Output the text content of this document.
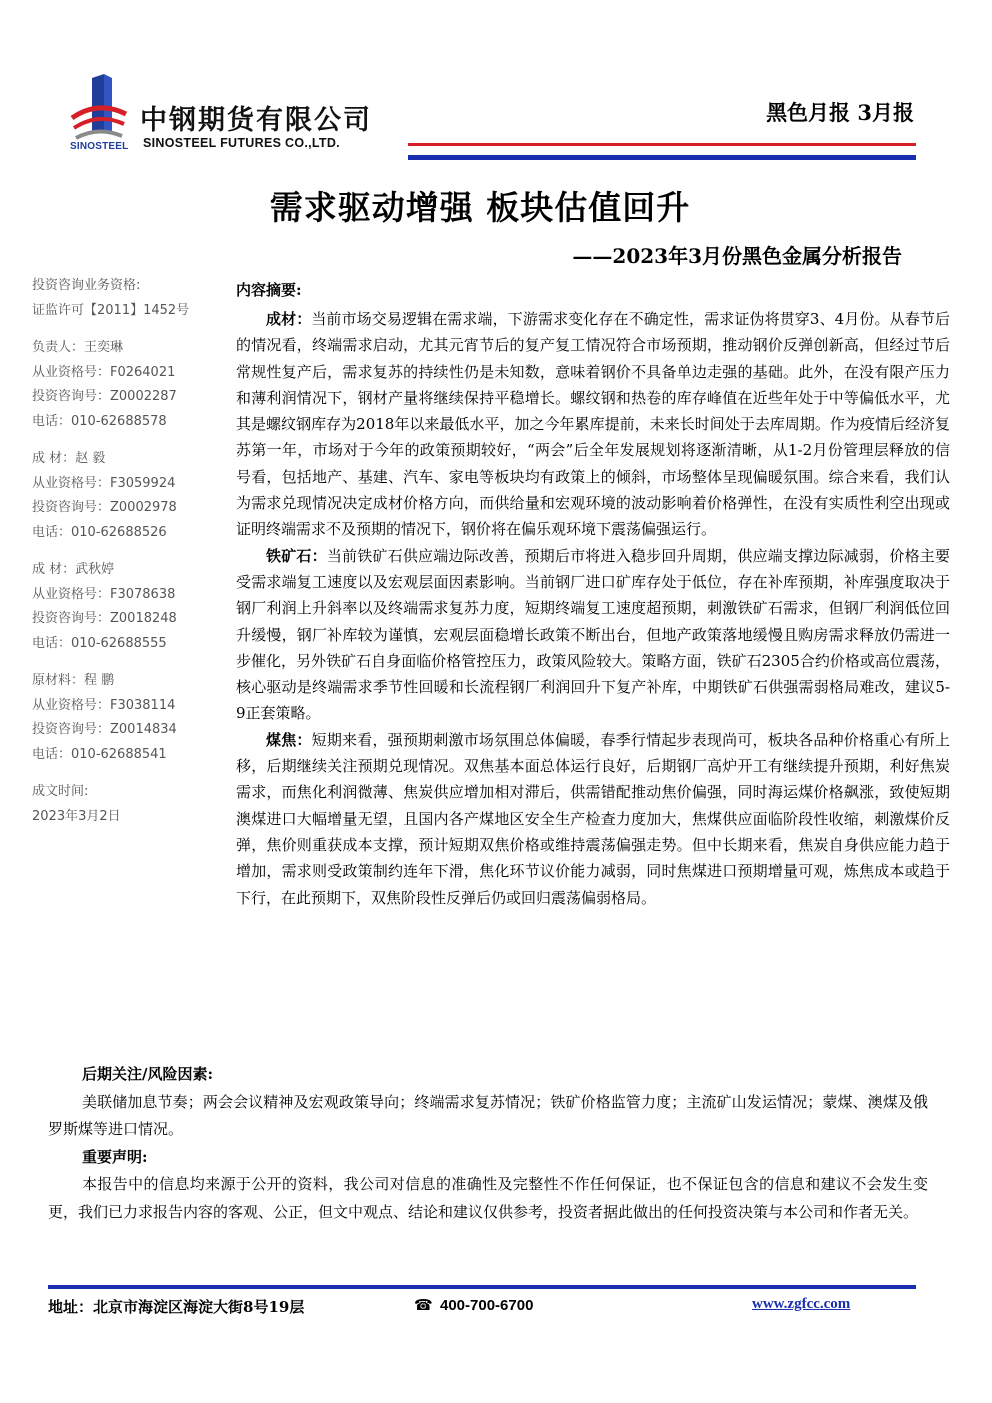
SINOSTEEL
中钢期货有限公司
SINOSTEEL FUTURES CO.,LTD.
黑色月报 3月报
需求驱动增强 板块估值回升
——2023年3月份黑色金属分析报告
投资咨询业务资格:
证监许可【2011】1452号
负责人：王奕琳
从业资格号：F0264021
投资咨询号：Z0002287
电话：010-62688578
成 材：赵 毅
从业资格号：F3059924
投资咨询号：Z0002978
电话：010-62688526
成 材：武秋婷
从业资格号：F3078638
投资咨询号：Z0018248
电话：010-62688555
原材料：程 鹏
从业资格号：F3038114
投资咨询号：Z0014834
电话：010-62688541
成文时间:
2023年3月2日
内容摘要:

成材：当前市场交易逻辑在需求端，下游需求变化存在不确定性，需求证伪将贯穿3、4月份。从春节后的情况看，终端需求启动，尤其元宵节后的复产复工情况符合市场预期，推动钢价反弹创新高，但经过节后常规性复产后，需求复苏的持续性仍是未知数，意味着钢价不具备单边走强的基础。此外，在没有限产压力和薄利润情况下，钢材产量将继续保持平稳增长。螺纹钢和热卷的库存峰值在近些年处于中等偏低水平，尤其是螺纹钢库存为2018年以来最低水平，加之今年累库提前，未来长时间处于去库周期。作为疫情后经济复苏第一年，市场对于今年的政策预期较好，“两会”后全年发展规划将逐渐清晰，从1-2月份管理层释放的信号看，包括地产、基建、汽车、家电等板块均有政策上的倾斜，市场整体呈现偏暖氛围。综合来看，我们认为需求兑现情况决定成材价格方向，而供给量和宏观环境的波动影响着价格弹性，在没有实质性利空出现或证明终端需求不及预期的情况下，钢价将在偏乐观环境下震荡偏强运行。

铁矿石：当前铁矿石供应端边际改善，预期后市将进入稳步回升周期，供应端支撑边际减弱，价格主要受需求端复工速度以及宏观层面因素影响。当前钢厂进口矿库存处于低位，存在补库预期，补库强度取决于钢厂利润上升斜率以及终端需求复苏力度，短期终端复工速度超预期，刺激铁矿石需求，但钢厂利润低位回升缓慢，钢厂补库较为谨慎，宏观层面稳增长政策不断出台，但地产政策落地缓慢且购房需求释放仍需进一步催化，另外铁矿石自身面临价格管控压力，政策风险较大。策略方面，铁矿石2305合约价格或高位震荡，核心驱动是终端需求季节性回暖和长流程钢厂利润回升下复产补库，中期铁矿石供强需弱格局难改，建议5-9正套策略。

煤焦：短期来看，强预期刺激市场氛围总体偏暖，春季行情起步表现尚可，板块各品种价格重心有所上移，后期继续关注预期兑现情况。双焦基本面总体运行良好，后期钢厂高炉开工有继续提升预期，利好焦炭需求，而焦化利润微薄、焦炭供应增加相对滞后，供需错配推动焦价偏强，同时海运煤价格飙涨，致使短期澳煤进口大幅增量无望，且国内各产煤地区安全生产检查力度加大，焦煤供应面临阶段性收缩，刺激煤价反弹，焦价则重获成本支撑，预计短期双焦价格或维持震荡偏强走势。但中长期来看，焦炭自身供应能力趋于增加，需求则受政策制约连年下滑，焦化环节议价能力减弱，同时焦煤进口预期增量可观，炼焦成本或趋于下行，在此预期下，双焦阶段性反弹后仍或回归震荡偏弱格局。

后期关注/风险因素:

美联储加息节奏；两会会议精神及宏观政策导向；终端需求复苏情况；铁矿价格监管力度；主流矿山发运情况；蒙煤、澳煤及俄罗斯煤等进口情况。

重要声明:

本报告中的信息均来源于公开的资料，我公司对信息的准确性及完整性不作任何保证，也不保证包含的信息和建议不会发生变更，我们已力求报告内容的客观、公正，但文中观点、结论和建议仅供参考，投资者据此做出的任何投资决策与本公司和作者无关。

地址：北京市海淀区海淀大街8号19层	☎ 400-700-6700	www.zgfcc.com
